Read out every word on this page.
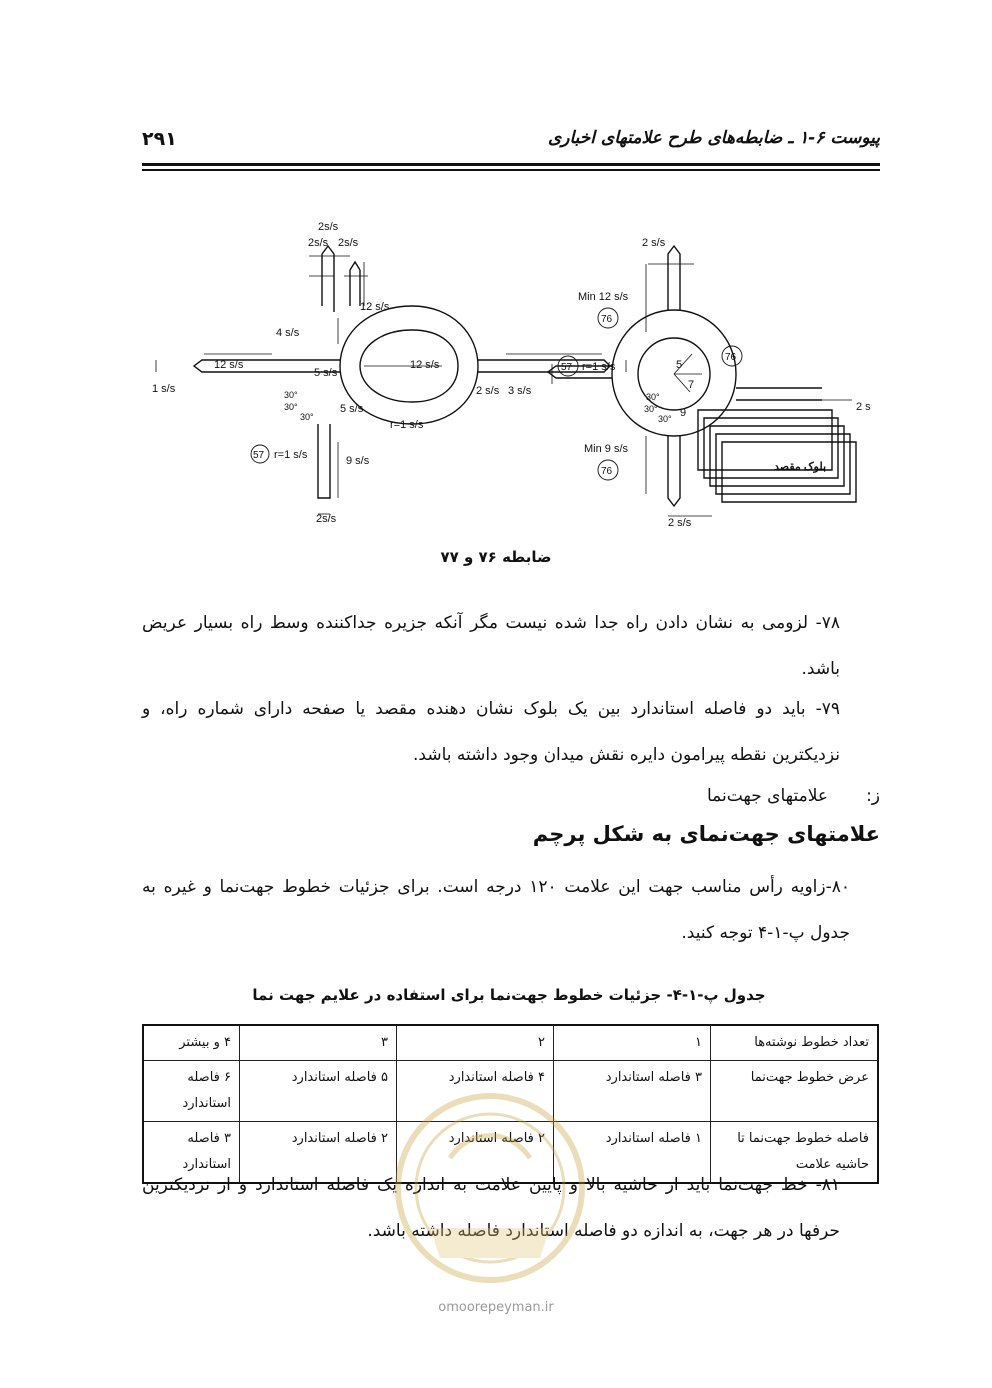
پیوست ۶-۱ ـ ضابطه‌های طرح علامتهای اخباری
۲۹۱
2s/s
2s/s 2s/s
12 s/s
4 s/s
12 s/s	12 s/s
1 s/s	2 s/s 3 s/s
5 s/s
5 s/s
30°
30°
30°
r=1 s/s
57 r=1 s/s	9 s/s
2s/s
2 s/s
Min 12 s/s
76
57 r=1 s/s
76
5
7
9
30°
30°
30°
2 s
Min 9 s/s
76	بلوک مقصد
2 s/s
ضابطه ۷۶ و ۷۷
۷۸- لزومی به نشان دادن راه جدا شده نیست مگر آنکه جزیره جداکننده وسط راه بسیار عریض باشد.
۷۹- باید دو فاصله استاندارد بین یک بلوک نشان دهنده مقصد یا صفحه دارای شماره راه، و نزدیکترین نقطه پیرامون دایره نقش میدان وجود داشته باشد.
ز:
علامتهای جهت‌نما
علامتهای جهت‌نمای به شکل پرچم
۸۰-زاویه رأس مناسب جهت این علامت ۱۲۰ درجه است. برای جزئیات خطوط جهت‌نما و غیره به جدول پ-۱-۴ توجه کنید.
جدول پ-۱-۴- جزئیات خطوط جهت‌نما برای استفاده در علایم جهت نما
تعداد خطوط نوشته‌ها	۱	۲	۳	۴ و بیشتر
عرض خطوط جهت‌نما	۳ فاصله استاندارد	۴ فاصله استاندارد	۵ فاصله استاندارد	۶ فاصله استاندارد
فاصله خطوط جهت‌نما تا حاشیه علامت	۱ فاصله استاندارد	۲ فاصله استاندارد	۲ فاصله استاندارد	۳ فاصله استاندارد
۸۱- خط جهت‌نما باید از حاشیه بالا و پایین علامت به اندازه یک فاصله استاندارد و از نزدیکترین حرفها در هر جهت، به اندازه دو فاصله استاندارد فاصله داشته باشد.
omoorepeyman.ir
